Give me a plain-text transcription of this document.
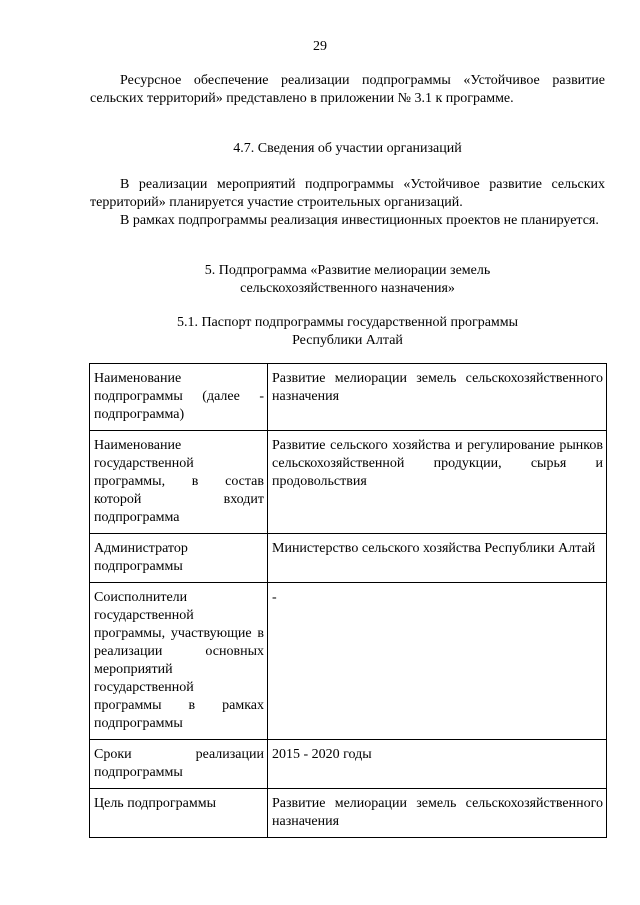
29

Ресурсное обеспечение реализации подпрограммы «Устойчивое развитие сельских территорий» представлено в приложении № 3.1 к программе.

4.7. Сведения об участии организаций

В реализации мероприятий подпрограммы «Устойчивое развитие сельских территорий» планируется участие строительных организаций.

В рамках подпрограммы реализация инвестиционных проектов не планируется.

5. Подпрограмма «Развитие мелиорации земель
сельскохозяйственного назначения»

5.1. Паспорт подпрограммы государственной программы
Республики Алтай

Наименование подпрограммы (далее - подпрограмма)	Развитие мелиорации земель сельскохозяйственного назначения
Наименование государственной программы, в состав которой входит подпрограмма	Развитие сельского хозяйства и регулирование рынков сельскохозяйственной продукции, сырья и продовольствия
Администратор подпрограммы	Министерство сельского хозяйства Республики Алтай
Соисполнители государственной программы, участвующие в реализации основных мероприятий государственной программы в рамках подпрограммы	-
Сроки реализации подпрограммы	2015 - 2020 годы
Цель подпрограммы	Развитие мелиорации земель сельскохозяйственного назначения
